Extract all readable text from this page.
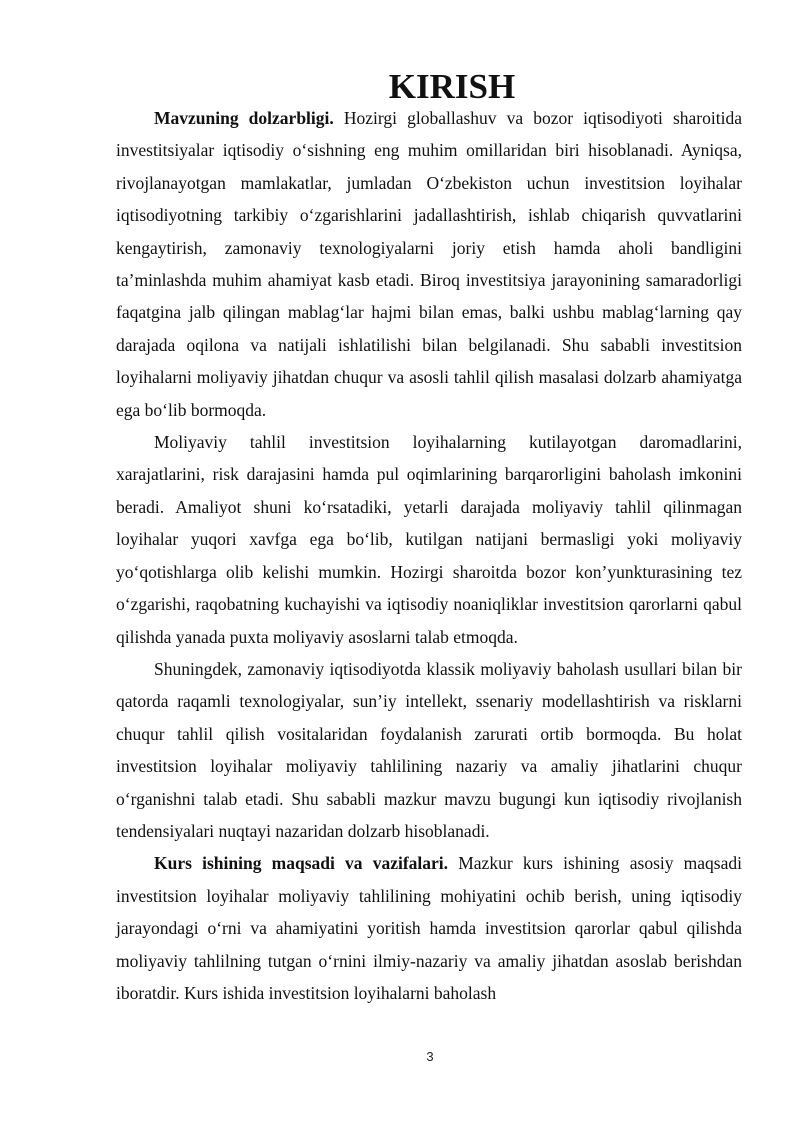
KIRISH

Mavzuning dolzarbligi. Hozirgi globallashuv va bozor iqtisodiyoti sharoitida investitsiyalar iqtisodiy o‘sishning eng muhim omillaridan biri hisoblanadi. Ayniqsa, rivojlanayotgan mamlakatlar, jumladan O‘zbekiston uchun investitsion loyihalar iqtisodiyotning tarkibiy o‘zgarishlarini jadallashtirish, ishlab chiqarish quvvatlarini kengaytirish, zamonaviy texnologiyalarni joriy etish hamda aholi bandligini ta’minlashda muhim ahamiyat kasb etadi. Biroq investitsiya jarayonining samaradorligi faqatgina jalb qilingan mablag‘lar hajmi bilan emas, balki ushbu mablag‘larning qay darajada oqilona va natijali ishlatilishi bilan belgilanadi. Shu sababli investitsion loyihalarni moliyaviy jihatdan chuqur va asosli tahlil qilish masalasi dolzarb ahamiyatga ega bo‘lib bormoqda.

Moliyaviy tahlil investitsion loyihalarning kutilayotgan daromadlarini, xarajatlarini, risk darajasini hamda pul oqimlarining barqarorligini baholash imkonini beradi. Amaliyot shuni ko‘rsatadiki, yetarli darajada moliyaviy tahlil qilinmagan loyihalar yuqori xavfga ega bo‘lib, kutilgan natijani bermasligi yoki moliyaviy yo‘qotishlarga olib kelishi mumkin. Hozirgi sharoitda bozor kon’yunkturasining tez o‘zgarishi, raqobatning kuchayishi va iqtisodiy noaniqliklar investitsion qarorlarni qabul qilishda yanada puxta moliyaviy asoslarni talab etmoqda.

Shuningdek, zamonaviy iqtisodiyotda klassik moliyaviy baholash usullari bilan bir qatorda raqamli texnologiyalar, sun’iy intellekt, ssenariy modellashtirish va risklarni chuqur tahlil qilish vositalaridan foydalanish zarurati ortib bormoqda. Bu holat investitsion loyihalar moliyaviy tahlilining nazariy va amaliy jihatlarini chuqur o‘rganishni talab etadi. Shu sababli mazkur mavzu bugungi kun iqtisodiy rivojlanish tendensiyalari nuqtayi nazaridan dolzarb hisoblanadi.

Kurs ishining maqsadi va vazifalari. Mazkur kurs ishining asosiy maqsadi investitsion loyihalar moliyaviy tahlilining mohiyatini ochib berish, uning iqtisodiy jarayondagi o‘rni va ahamiyatini yoritish hamda investitsion qarorlar qabul qilishda moliyaviy tahlilning tutgan o‘rnini ilmiy-nazariy va amaliy jihatdan asoslab berishdan iboratdir. Kurs ishida investitsion loyihalarni baholash

3
